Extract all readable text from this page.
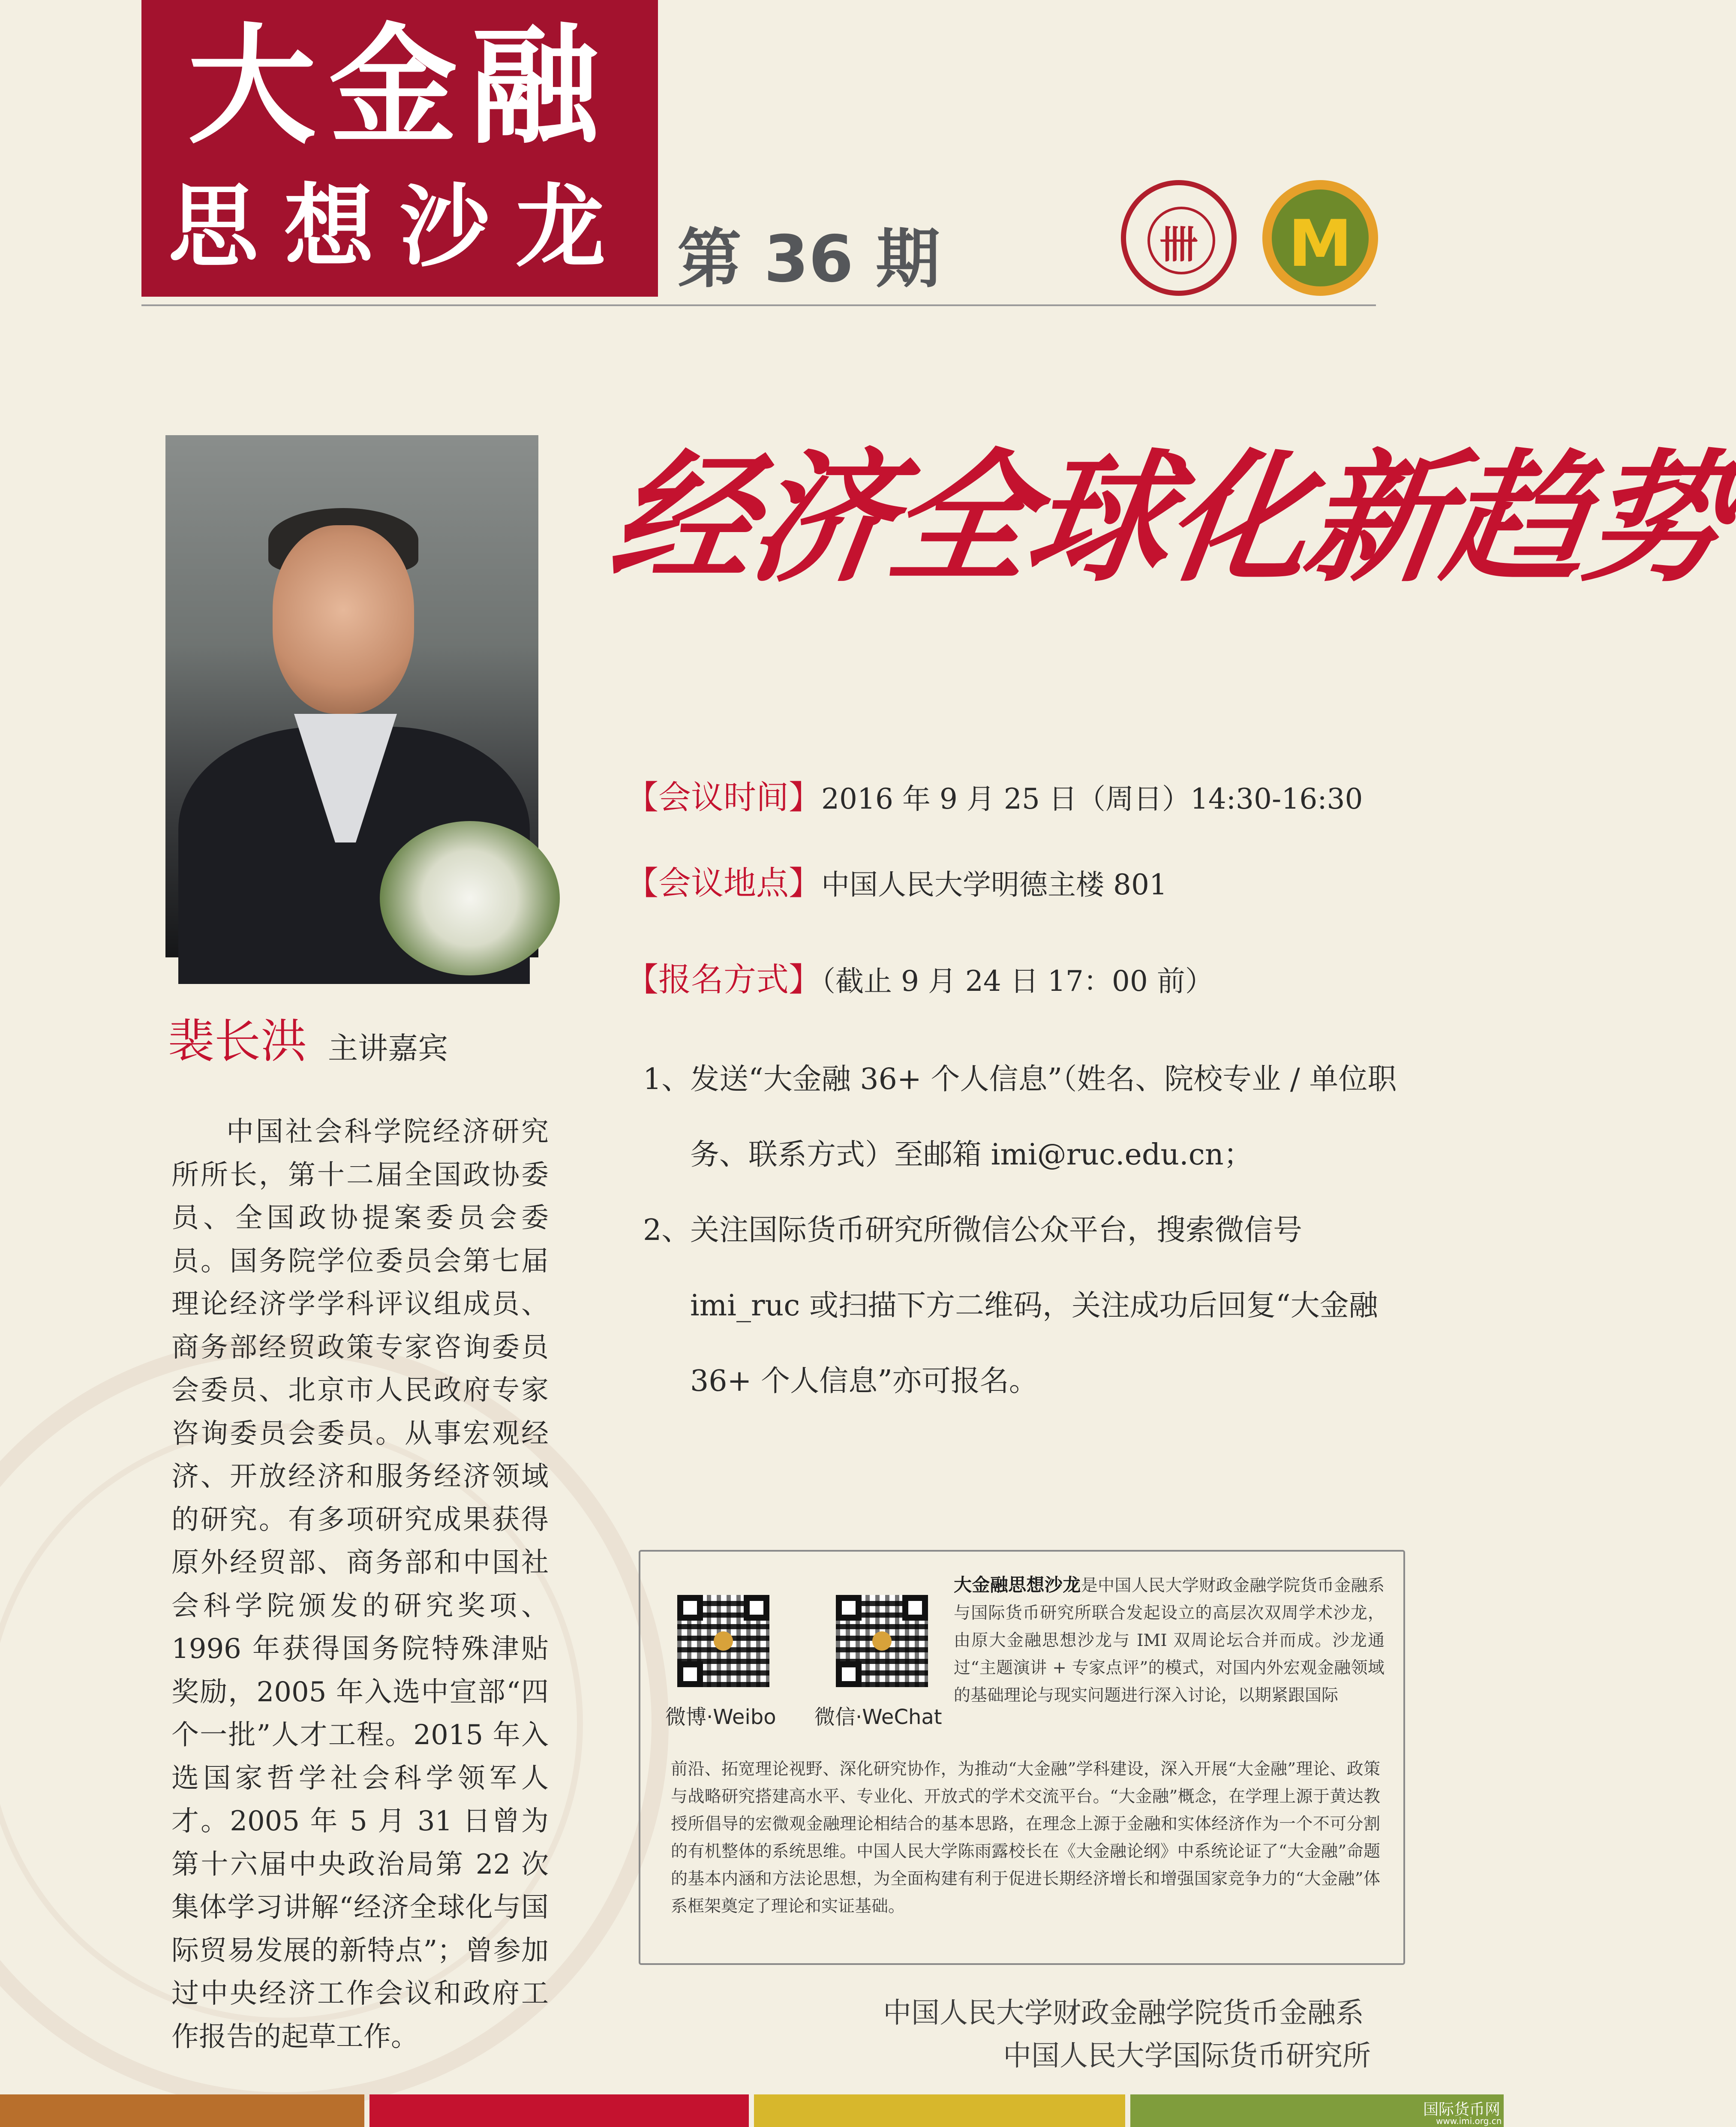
大金融
思想沙龙 第 36 期	卌	M
经济全球化新趋势
【会议时间】2016 年 9 月 25 日（周日）14:30-16:30
【会议地点】中国人民大学明德主楼 801
【报名方式】（截止 9 月 24 日 17：00 前）
1、
发送“大金融 36+ 个人信息”（姓名、院校专业 / 单位职务、联系方式）至邮箱 imi@ruc.edu.cn；
2、
关注国际货币研究所微信公众平台，搜索微信号 imi_ruc 或扫描下方二维码，关注成功后回复“大金融 36+ 个人信息”亦可报名。
裴长洪 主讲嘉宾
中国社会科学院经济研究所所长，第十二届全国政协委员、全国政协提案委员会委员。国务院学位委员会第七届理论经济学学科评议组成员、商务部经贸政策专家咨询委员会委员、北京市人民政府专家咨询委员会委员。从事宏观经济、开放经济和服务经济领域的研究。有多项研究成果获得原外经贸部、商务部和中国社会科学院颁发的研究奖项、1996 年获得国务院特殊津贴奖励，2005 年入选中宣部“四个一批”人才工程。2015 年入选国家哲学社会科学领军人才。2005 年 5 月 31 日曾为第十六届中央政治局第 22 次集体学习讲解“经济全球化与国际贸易发展的新特点”；曾参加过中央经济工作会议和政府工作报告的起草工作。
微博·Weibo 微信·WeChat
大金融思想沙龙是中国人民大学财政金融学院货币金融系与国际货币研究所联合发起设立的高层次双周学术沙龙，由原大金融思想沙龙与 IMI 双周论坛合并而成。沙龙通过“主题演讲 + 专家点评”的模式，对国内外宏观金融领域的基础理论与现实问题进行深入讨论，以期紧跟国际
前沿、拓宽理论视野、深化研究协作，为推动“大金融”学科建设，深入开展“大金融”理论、政策与战略研究搭建高水平、专业化、开放式的学术交流平台。“大金融”概念，在学理上源于黄达教授所倡导的宏微观金融理论相结合的基本思路，在理念上源于金融和实体经济作为一个不可分割的有机整体的系统思维。中国人民大学陈雨露校长在《大金融论纲》中系统论证了“大金融”命题的基本内涵和方法论思想，为全面构建有利于促进长期经济增长和增强国家竞争力的“大金融”体系框架奠定了理论和实证基础。
中国人民大学财政金融学院货币金融系
中国人民大学国际货币研究所
国际货币网
www.imi.org.cn
